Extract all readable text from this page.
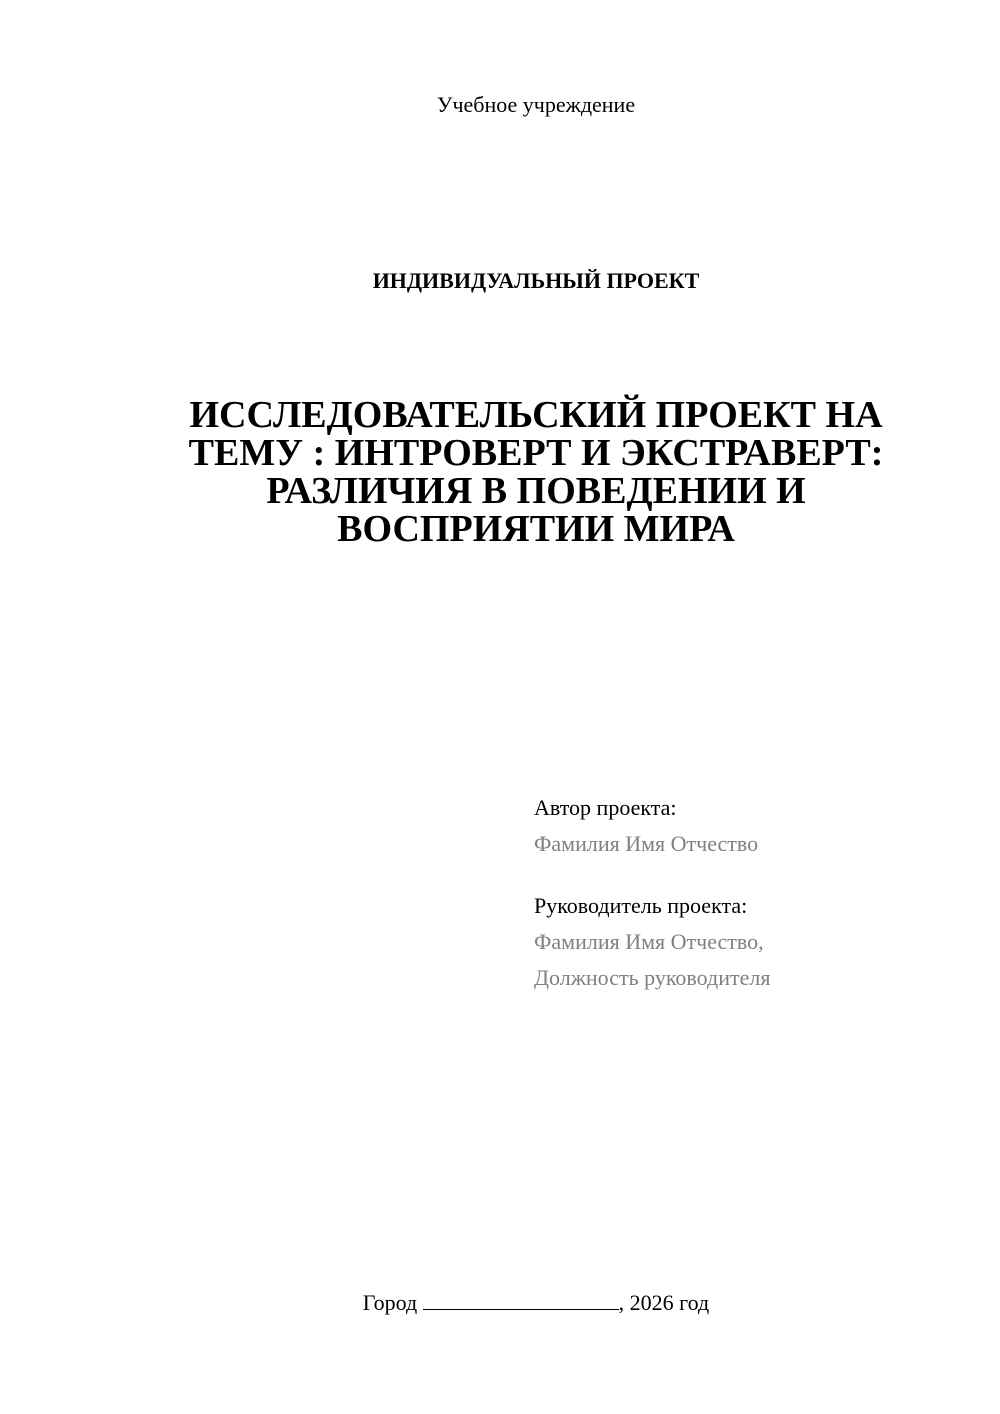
Учебное учреждение
ИНДИВИДУАЛЬНЫЙ ПРОЕКТ
ИССЛЕДОВАТЕЛЬСКИЙ ПРОЕКТ НА
ТЕМУ : ИНТРОВЕРТ И ЭКСТРАВЕРТ:
РАЗЛИЧИЯ В ПОВЕДЕНИИ И
ВОСПРИЯТИИ МИРА
Автор проекта:
Фамилия Имя Отчество
Руководитель проекта:
Фамилия Имя Отчество,
Должность руководителя
Город	, 2026 год
